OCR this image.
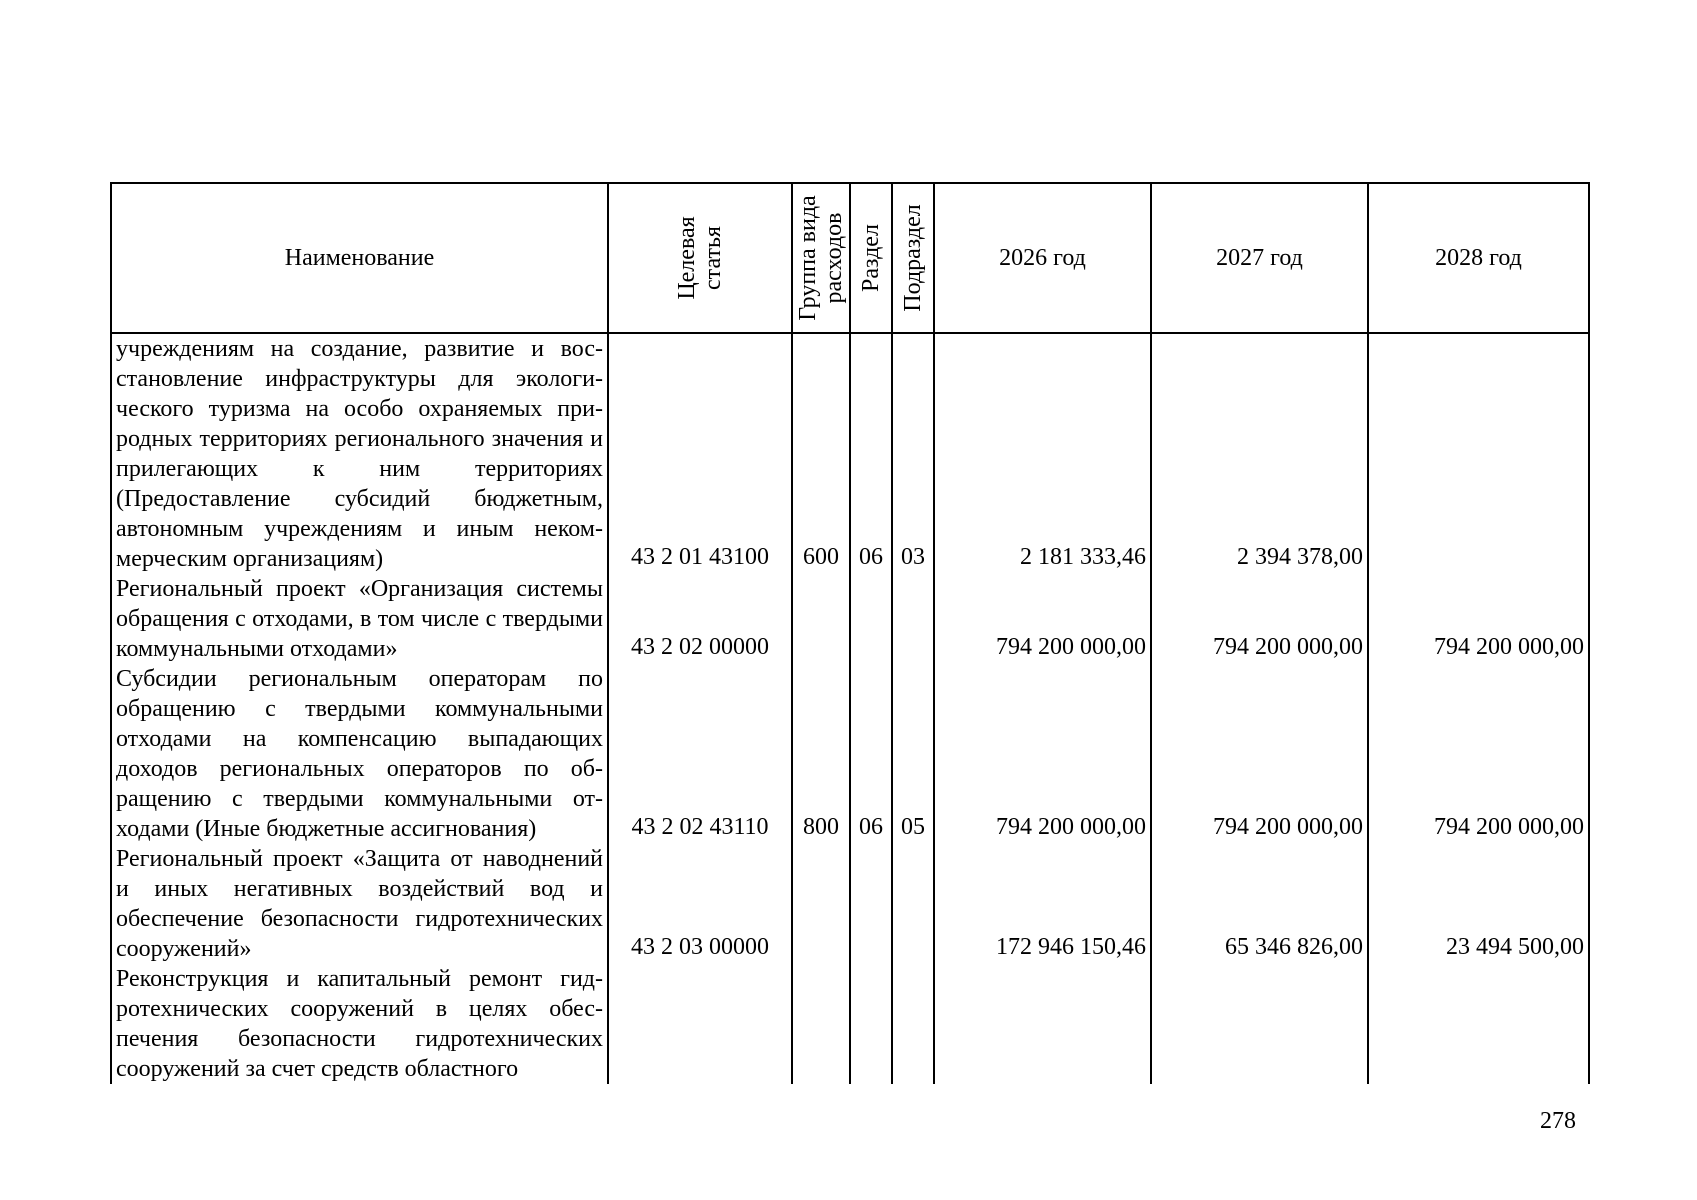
Наименование	Целевая статья	Группа вида расходов	Раздел	Подраздел	2026 год	2027 год	2028 год
учреждениям на создание, развитие и восстановление инфраструктуры для экологического туризма на особо охраняемых природных территориях регионального значения и прилегающих к ним территориях (Предоставление субсидий бюджетным, автономным учреждениям и иным некоммерческим организациям)	43 2 01 43100	600	06	03	2 181 333,46	2 394 378,00	
Региональный проект «Организация системы обращения с отходами, в том числе с твердыми коммунальными отходами»	43 2 02 00000				794 200 000,00	794 200 000,00	794 200 000,00
Субсидии региональным операторам по обращению с твердыми коммунальными отходами на компенсацию выпадающих доходов региональных операторов по обращению с твердыми коммунальными отходами (Иные бюджетные ассигнования)	43 2 02 43110	800	06	05	794 200 000,00	794 200 000,00	794 200 000,00
Региональный проект «Защита от наводнений и иных негативных воздействий вод и обеспечение безопасности гидротехнических сооружений»	43 2 03 00000				172 946 150,46	65 346 826,00	23 494 500,00
Реконструкция и капитальный ремонт гидротехнических сооружений в целях обеспечения безопасности гидротехнических сооружений за счет средств областного							
278
